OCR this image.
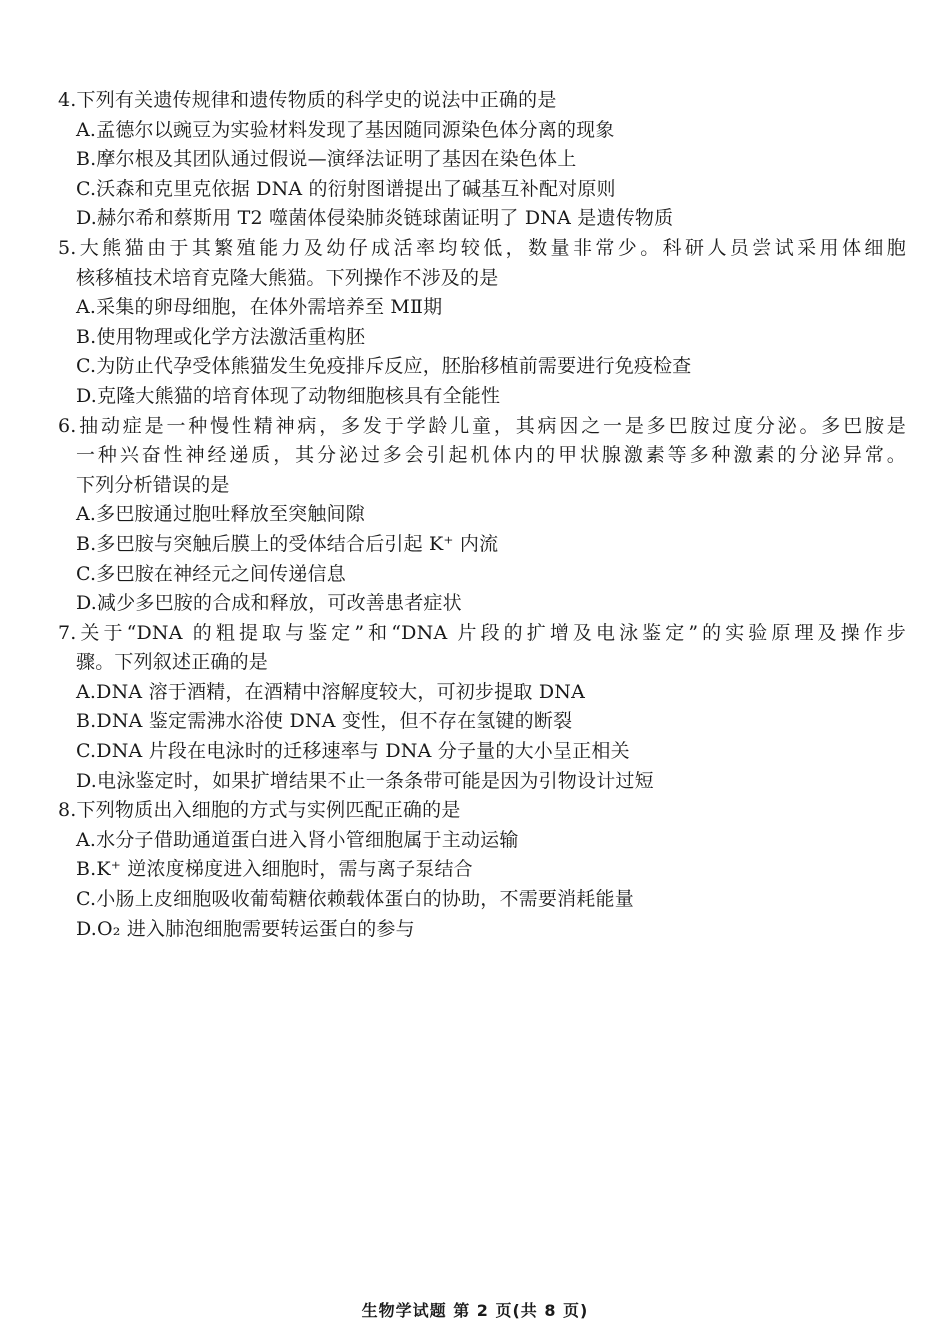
4.下列有关遗传规律和遗传物质的科学史的说法中正确的是
A.孟德尔以豌豆为实验材料发现了基因随同源染色体分离的现象
B.摩尔根及其团队通过假说—演绎法证明了基因在染色体上
C.沃森和克里克依据 DNA 的衍射图谱提出了碱基互补配对原则
D.赫尔希和蔡斯用 T2 噬菌体侵染肺炎链球菌证明了 DNA 是遗传物质
5.大熊猫由于其繁殖能力及幼仔成活率均较低，数量非常少。科研人员尝试采用体细胞
核移植技术培育克隆大熊猫。下列操作不涉及的是
A.采集的卵母细胞，在体外需培养至 MⅡ期
B.使用物理或化学方法激活重构胚
C.为防止代孕受体熊猫发生免疫排斥反应，胚胎移植前需要进行免疫检查
D.克隆大熊猫的培育体现了动物细胞核具有全能性
6.抽动症是一种慢性精神病，多发于学龄儿童，其病因之一是多巴胺过度分泌。多巴胺是
一种兴奋性神经递质，其分泌过多会引起机体内的甲状腺激素等多种激素的分泌异常。
下列分析错误的是
A.多巴胺通过胞吐释放至突触间隙
B.多巴胺与突触后膜上的受体结合后引起 K⁺ 内流
C.多巴胺在神经元之间传递信息
D.减少多巴胺的合成和释放，可改善患者症状
7.关于“DNA 的粗提取与鉴定”和“DNA 片段的扩增及电泳鉴定”的实验原理及操作步
骤。下列叙述正确的是
A.DNA 溶于酒精，在酒精中溶解度较大，可初步提取 DNA
B.DNA 鉴定需沸水浴使 DNA 变性，但不存在氢键的断裂
C.DNA 片段在电泳时的迁移速率与 DNA 分子量的大小呈正相关
D.电泳鉴定时，如果扩增结果不止一条条带可能是因为引物设计过短
8.下列物质出入细胞的方式与实例匹配正确的是
A.水分子借助通道蛋白进入肾小管细胞属于主动运输
B.K⁺ 逆浓度梯度进入细胞时，需与离子泵结合
C.小肠上皮细胞吸收葡萄糖依赖载体蛋白的协助，不需要消耗能量
D.O₂ 进入肺泡细胞需要转运蛋白的参与
生物学试题 第 2 页(共 8 页)
